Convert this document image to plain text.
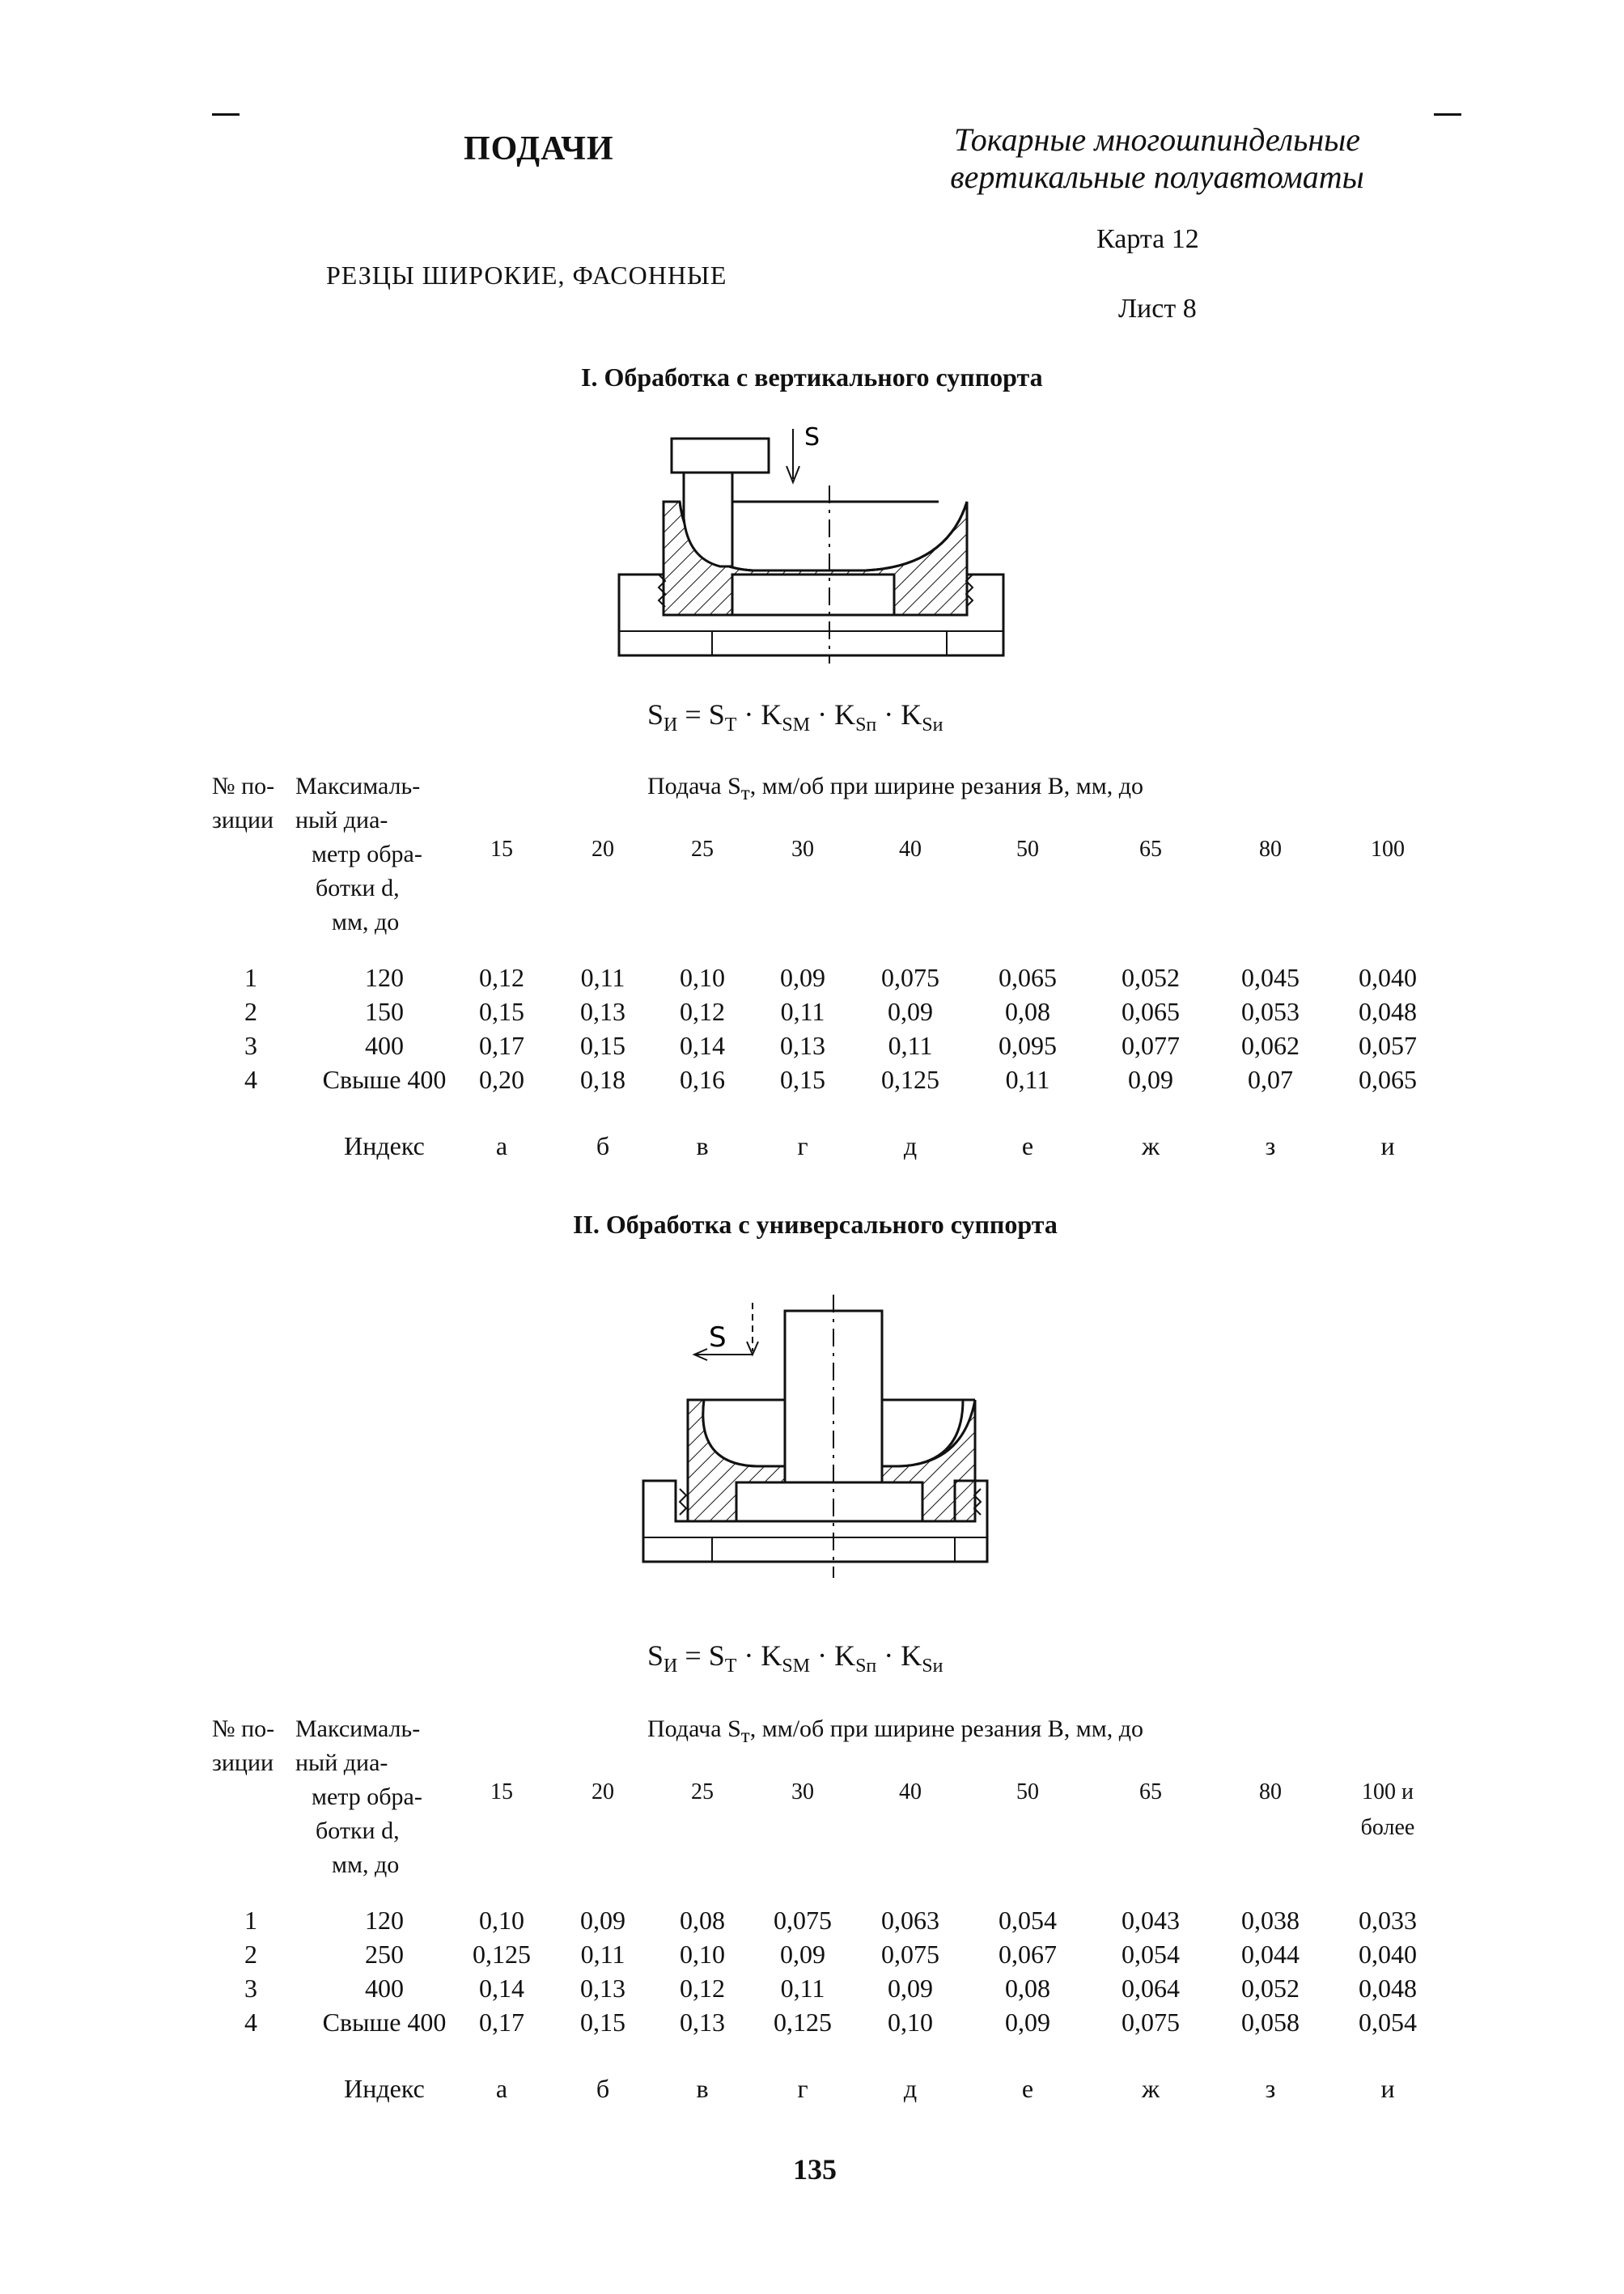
ПОДАЧИ	Токарные многошпиндельные
вертикальные полуавтоматы
Карта 12
Лист 8
РЕЗЦЫ ШИРОКИЕ, ФАСОННЫЕ
I. Обработка с вертикального суппорта
S
$S_И = S_Т \cdot K_{SM} \cdot K_{Sп} \cdot K_{Sи}$
№ по-
зиции
Максималь-
ный диа-
метр обра-
ботки d,
мм, до
Подача $S_т$, мм/об при ширине резания В, мм, до
15	20	25	30	40	50	65	80	100
1	120	0,12	0,11	0,10	0,09	0,075	0,065	0,052	0,045	0,040
2	150	0,15	0,13	0,12	0,11	0,09	0,08	0,065	0,053	0,048
3	400	0,17	0,15	0,14	0,13	0,11	0,095	0,077	0,062	0,057
4	Свыше 400	0,20	0,18	0,16	0,15	0,125	0,11	0,09	0,07	0,065
Индекс	а	б	в	г	д	е	ж	з	и
II. Обработка с универсального суппорта
S
$S_И = S_Т \cdot K_{SM} \cdot K_{Sп} \cdot K_{Sи}$
№ по-
зиции
Максималь-
ный диа-
метр обра-
ботки d,
мм, до
Подача $S_т$, мм/об при ширине резания В, мм, до
15	20	25	30	40	50	65	80	100 и
более
1	120	0,10	0,09	0,08	0,075	0,063	0,054	0,043	0,038	0,033
2	250	0,125	0,11	0,10	0,09	0,075	0,067	0,054	0,044	0,040
3	400	0,14	0,13	0,12	0,11	0,09	0,08	0,064	0,052	0,048
4	Свыше 400	0,17	0,15	0,13	0,125	0,10	0,09	0,075	0,058	0,054
Индекс	а	б	в	г	д	е	ж	з	и
135
